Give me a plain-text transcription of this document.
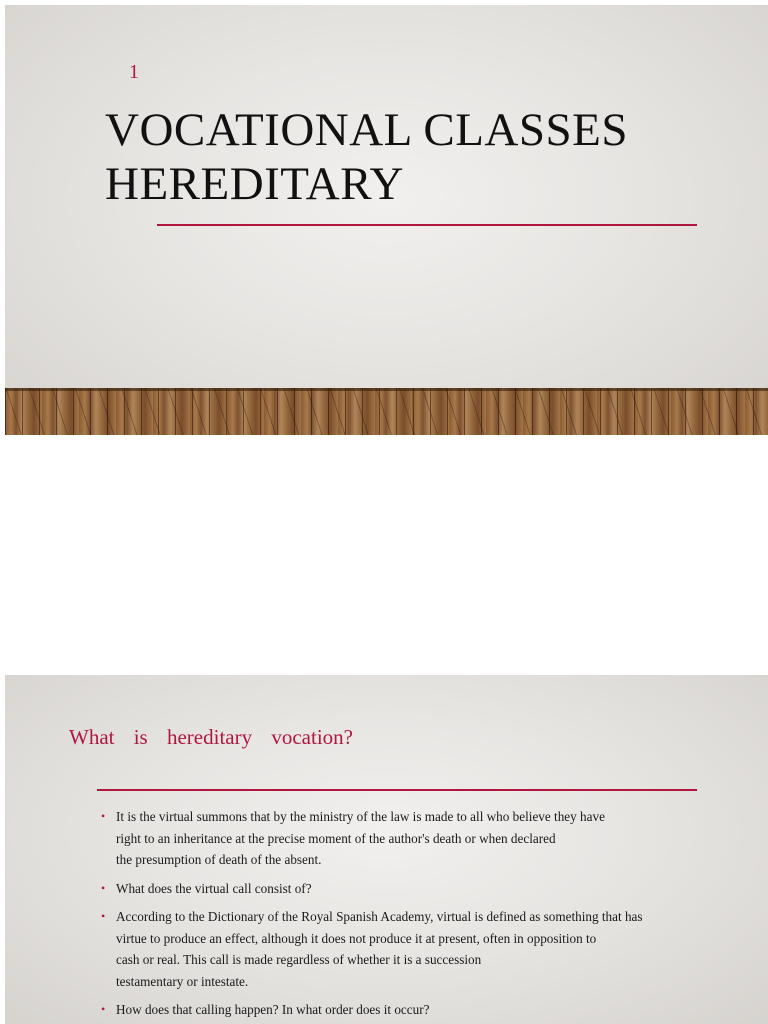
1
VOCATIONAL CLASSES
HEREDITARY
What is hereditary vocation?
• It is the virtual summons that by the ministry of the law is made to all who believe they have
right to an inheritance at the precise moment of the author's death or when declared
the presumption of death of the absent.
• What does the virtual call consist of?
• According to the Dictionary of the Royal Spanish Academy, virtual is defined as something that has
virtue to produce an effect, although it does not produce it at present, often in opposition to
cash or real. This call is made regardless of whether it is a succession
testamentary or intestate.
• How does that calling happen? In what order does it occur?
